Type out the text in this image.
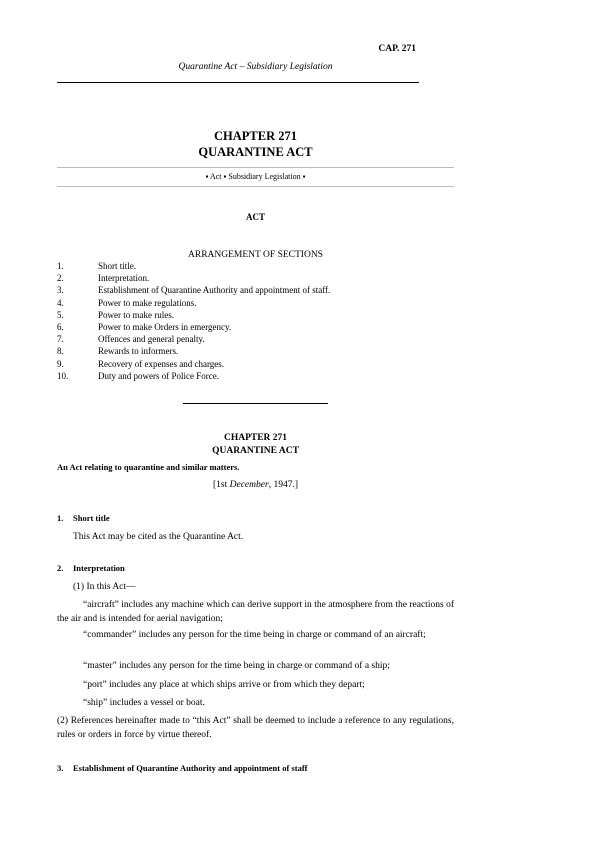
CAP. 271
Quarantine Act – Subsidiary Legislation
CHAPTER 271
QUARANTINE ACT
▪ Act ▪ Subsidiary Legislation ▪
ACT
ARRANGEMENT OF SECTIONS
1.	Short title.
2.	Interpretation.
3.	Establishment of Quarantine Authority and appointment of staff.
4.	Power to make regulations.
5.	Power to make rules.
6.	Power to make Orders in emergency.
7.	Offences and general penalty.
8.	Rewards to informers.
9.	Recovery of expenses and charges.
10.	Duty and powers of Police Force.
CHAPTER 271
QUARANTINE ACT
An Act relating to quarantine and similar matters.
[1st December, 1947.]
1. Short title
This Act may be cited as the Quarantine Act.
2. Interpretation
(1) In this Act—
“aircraft” includes any machine which can derive support in the atmosphere from the reactions of the air and is intended for aerial navigation;
“commander” includes any person for the time being in charge or command of an aircraft;
“master” includes any person for the time being in charge or command of a ship;
“port” includes any place at which ships arrive or from which they depart;
“ship” includes a vessel or boat.
(2) References hereinafter made to “this Act” shall be deemed to include a reference to any regulations, rules or orders in force by virtue thereof.
3. Establishment of Quarantine Authority and appointment of staff
